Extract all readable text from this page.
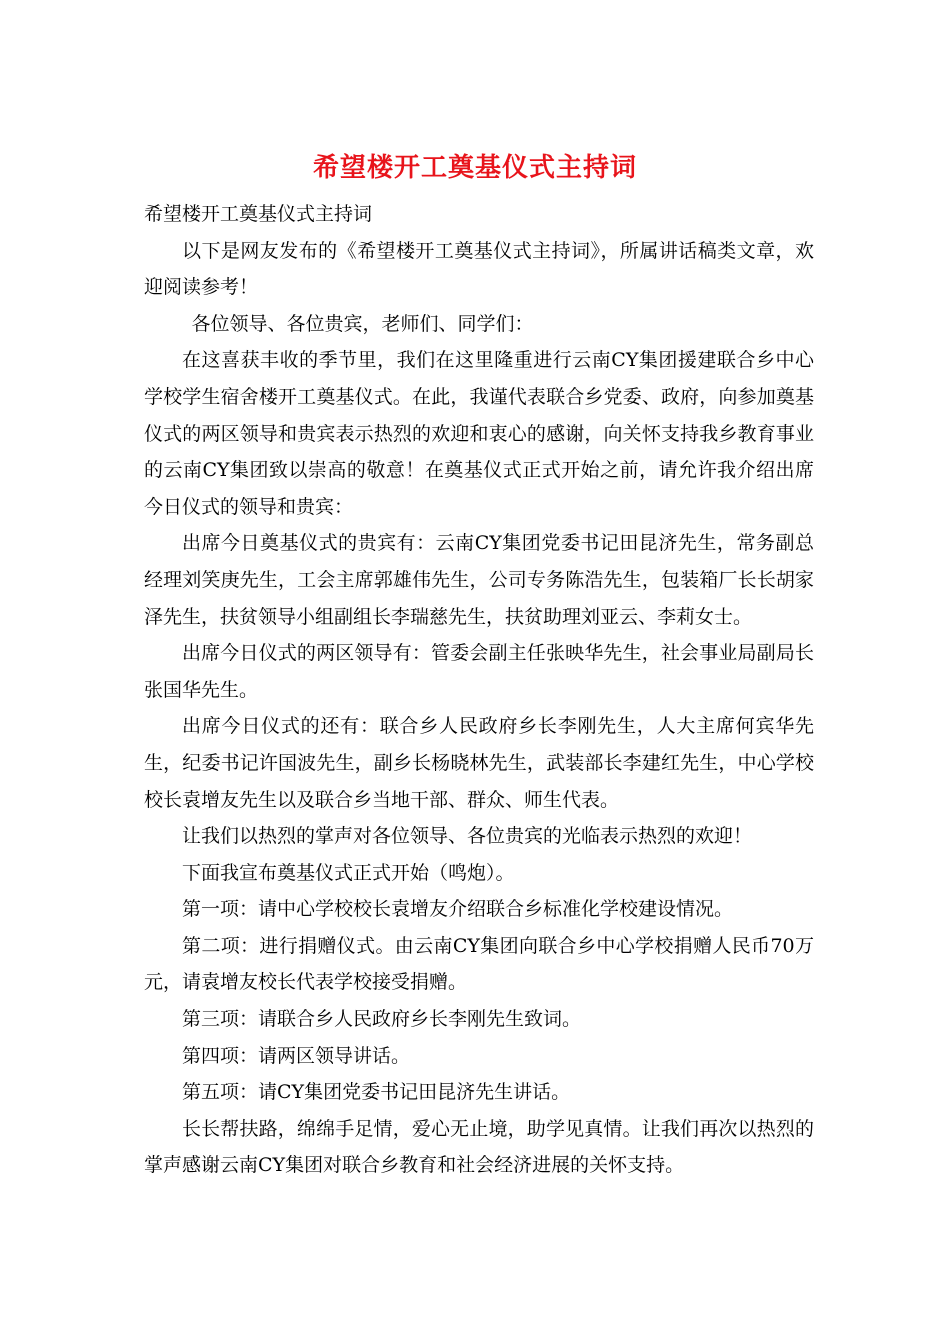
希望楼开工奠基仪式主持词

希望楼开工奠基仪式主持词

以下是网友发布的《希望楼开工奠基仪式主持词》，所属讲话稿类文章，欢迎阅读参考！

各位领导、各位贵宾，老师们、同学们：

在这喜获丰收的季节里，我们在这里隆重进行云南CY集团援建联合乡中心学校学生宿舍楼开工奠基仪式。在此，我谨代表联合乡党委、政府，向参加奠基仪式的两区领导和贵宾表示热烈的欢迎和衷心的感谢，向关怀支持我乡教育事业的云南CY集团致以崇高的敬意！在奠基仪式正式开始之前，请允许我介绍出席今日仪式的领导和贵宾：

出席今日奠基仪式的贵宾有：云南CY集团党委书记田昆济先生，常务副总经理刘笑庚先生，工会主席郭雄伟先生，公司专务陈浩先生，包装箱厂长长胡家泽先生，扶贫领导小组副组长李瑞慈先生，扶贫助理刘亚云、李莉女士。

出席今日仪式的两区领导有：管委会副主任张映华先生，社会事业局副局长张国华先生。

出席今日仪式的还有：联合乡人民政府乡长李刚先生，人大主席何宾华先生，纪委书记许国波先生，副乡长杨晓林先生，武装部长李建红先生，中心学校校长袁增友先生以及联合乡当地干部、群众、师生代表。

让我们以热烈的掌声对各位领导、各位贵宾的光临表示热烈的欢迎！

下面我宣布奠基仪式正式开始（鸣炮）。

第一项：请中心学校校长袁增友介绍联合乡标准化学校建设情况。

第二项：进行捐赠仪式。由云南CY集团向联合乡中心学校捐赠人民币70万元，请袁增友校长代表学校接受捐赠。

第三项：请联合乡人民政府乡长李刚先生致词。

第四项：请两区领导讲话。

第五项：请CY集团党委书记田昆济先生讲话。

长长帮扶路，绵绵手足情，爱心无止境，助学见真情。让我们再次以热烈的掌声感谢云南CY集团对联合乡教育和社会经济进展的关怀支持。
